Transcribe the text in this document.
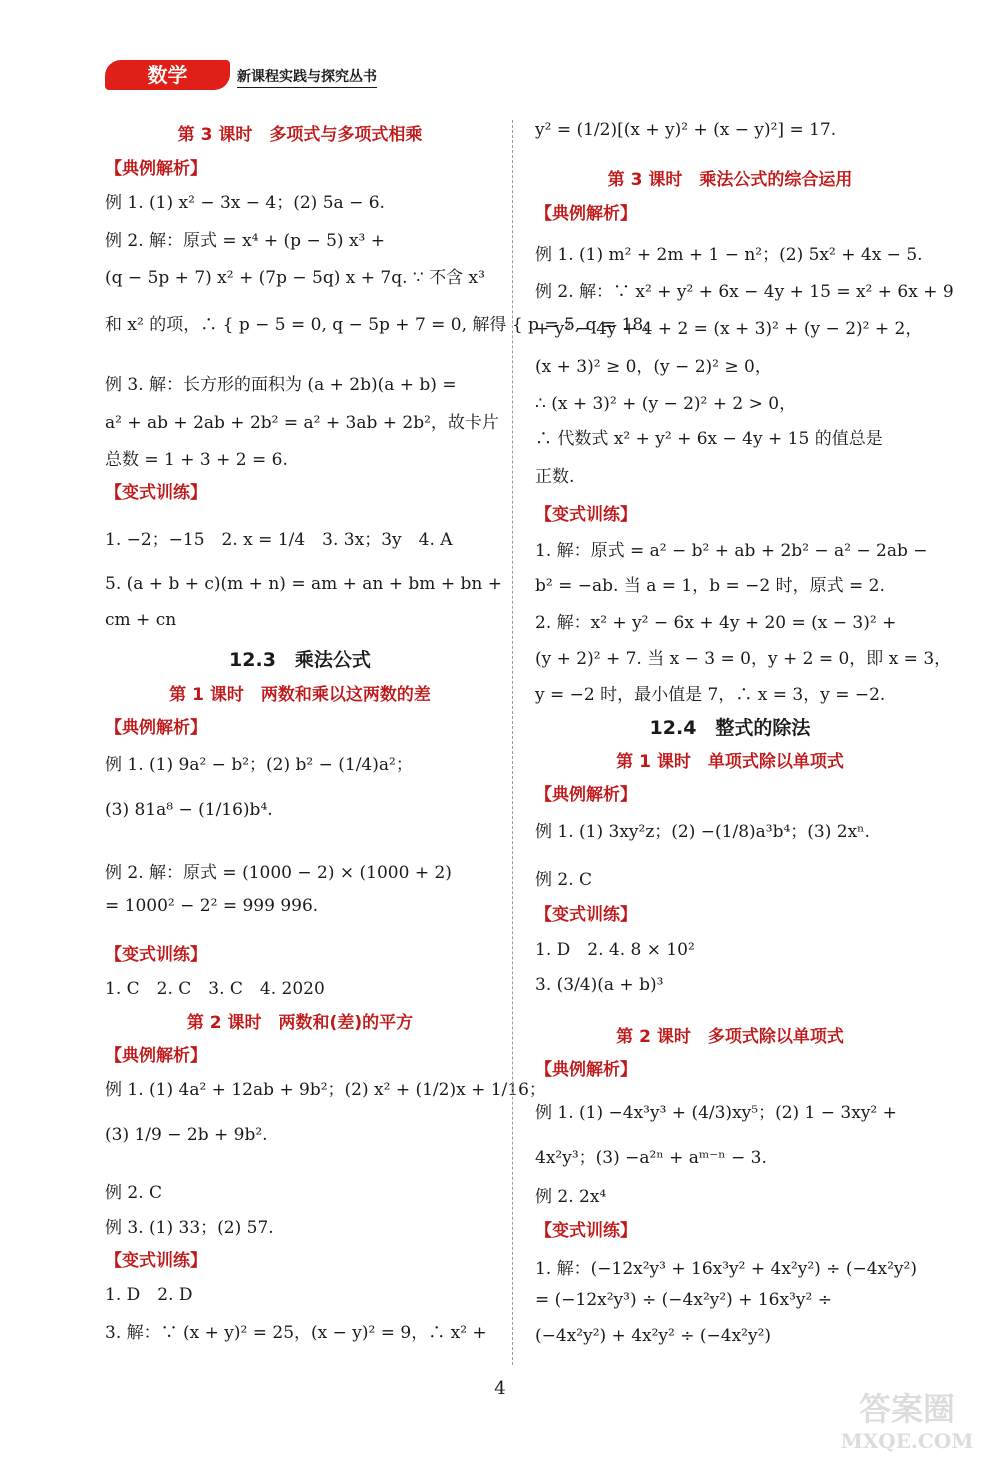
数学	新课程实践与探究丛书
第 3 课时　多项式与多项式相乘
【典例解析】
例 1. (1) x² − 3x − 4；(2) 5a − 6.
例 2. 解：原式 = x⁴ + (p − 5) x³ +
(q − 5p + 7) x² + (7p − 5q) x + 7q. ∵ 不含 x³
和 x² 的项，∴ { p − 5 = 0, q − 5p + 7 = 0, 解得 { p = 5, q = 18.
例 3. 解：长方形的面积为 (a + 2b)(a + b) =
a² + ab + 2ab + 2b² = a² + 3ab + 2b²，故卡片
总数 = 1 + 3 + 2 = 6.
【变式训练】
1. −2；−15　2. x = 1/4　3. 3x；3y　4. A
5. (a + b + c)(m + n) = am + an + bm + bn +
cm + cn
12.3　乘法公式
第 1 课时　两数和乘以这两数的差
【典例解析】
例 1. (1) 9a² − b²；(2) b² − (1/4)a²；
(3) 81a⁸ − (1/16)b⁴.
例 2. 解：原式 = (1000 − 2) × (1000 + 2)
= 1000² − 2² = 999 996.
【变式训练】
1. C　2. C　3. C　4. 2020
第 2 课时　两数和(差)的平方
【典例解析】
例 1. (1) 4a² + 12ab + 9b²；(2) x² + (1/2)x + 1/16；
(3) 1/9 − 2b + 9b².
例 2. C
例 3. (1) 33；(2) 57.
【变式训练】
1. D　2. D
3. 解：∵ (x + y)² = 25，(x − y)² = 9，∴ x² +
y² = (1/2)[(x + y)² + (x − y)²] = 17.
第 3 课时　乘法公式的综合运用
【典例解析】
例 1. (1) m² + 2m + 1 − n²；(2) 5x² + 4x − 5.
例 2. 解：∵ x² + y² + 6x − 4y + 15 = x² + 6x + 9
+ y² − 4y + 4 + 2 = (x + 3)² + (y − 2)² + 2，
(x + 3)² ≥ 0，(y − 2)² ≥ 0，
∴ (x + 3)² + (y − 2)² + 2 > 0，
∴ 代数式 x² + y² + 6x − 4y + 15 的值总是
正数.
【变式训练】
1. 解：原式 = a² − b² + ab + 2b² − a² − 2ab −
b² = −ab. 当 a = 1，b = −2 时，原式 = 2.
2. 解：x² + y² − 6x + 4y + 20 = (x − 3)² +
(y + 2)² + 7. 当 x − 3 = 0，y + 2 = 0，即 x = 3，
y = −2 时，最小值是 7，∴ x = 3，y = −2.
12.4　整式的除法
第 1 课时　单项式除以单项式
【典例解析】
例 1. (1) 3xy²z；(2) −(1/8)a³b⁴；(3) 2xⁿ.
例 2. C
【变式训练】
1. D　2. 4. 8 × 10²
3. (3/4)(a + b)³
第 2 课时　多项式除以单项式
【典例解析】
例 1. (1) −4x³y³ + (4/3)xy⁵；(2) 1 − 3xy² +
4x²y³；(3) −a²ⁿ + aᵐ⁻ⁿ − 3.
例 2. 2x⁴
【变式训练】
1. 解：(−12x²y³ + 16x³y² + 4x²y²) ÷ (−4x²y²)
= (−12x²y³) ÷ (−4x²y²) + 16x³y² ÷
(−4x²y²) + 4x²y² ÷ (−4x²y²)
4
答案圈
MXQE.COM
